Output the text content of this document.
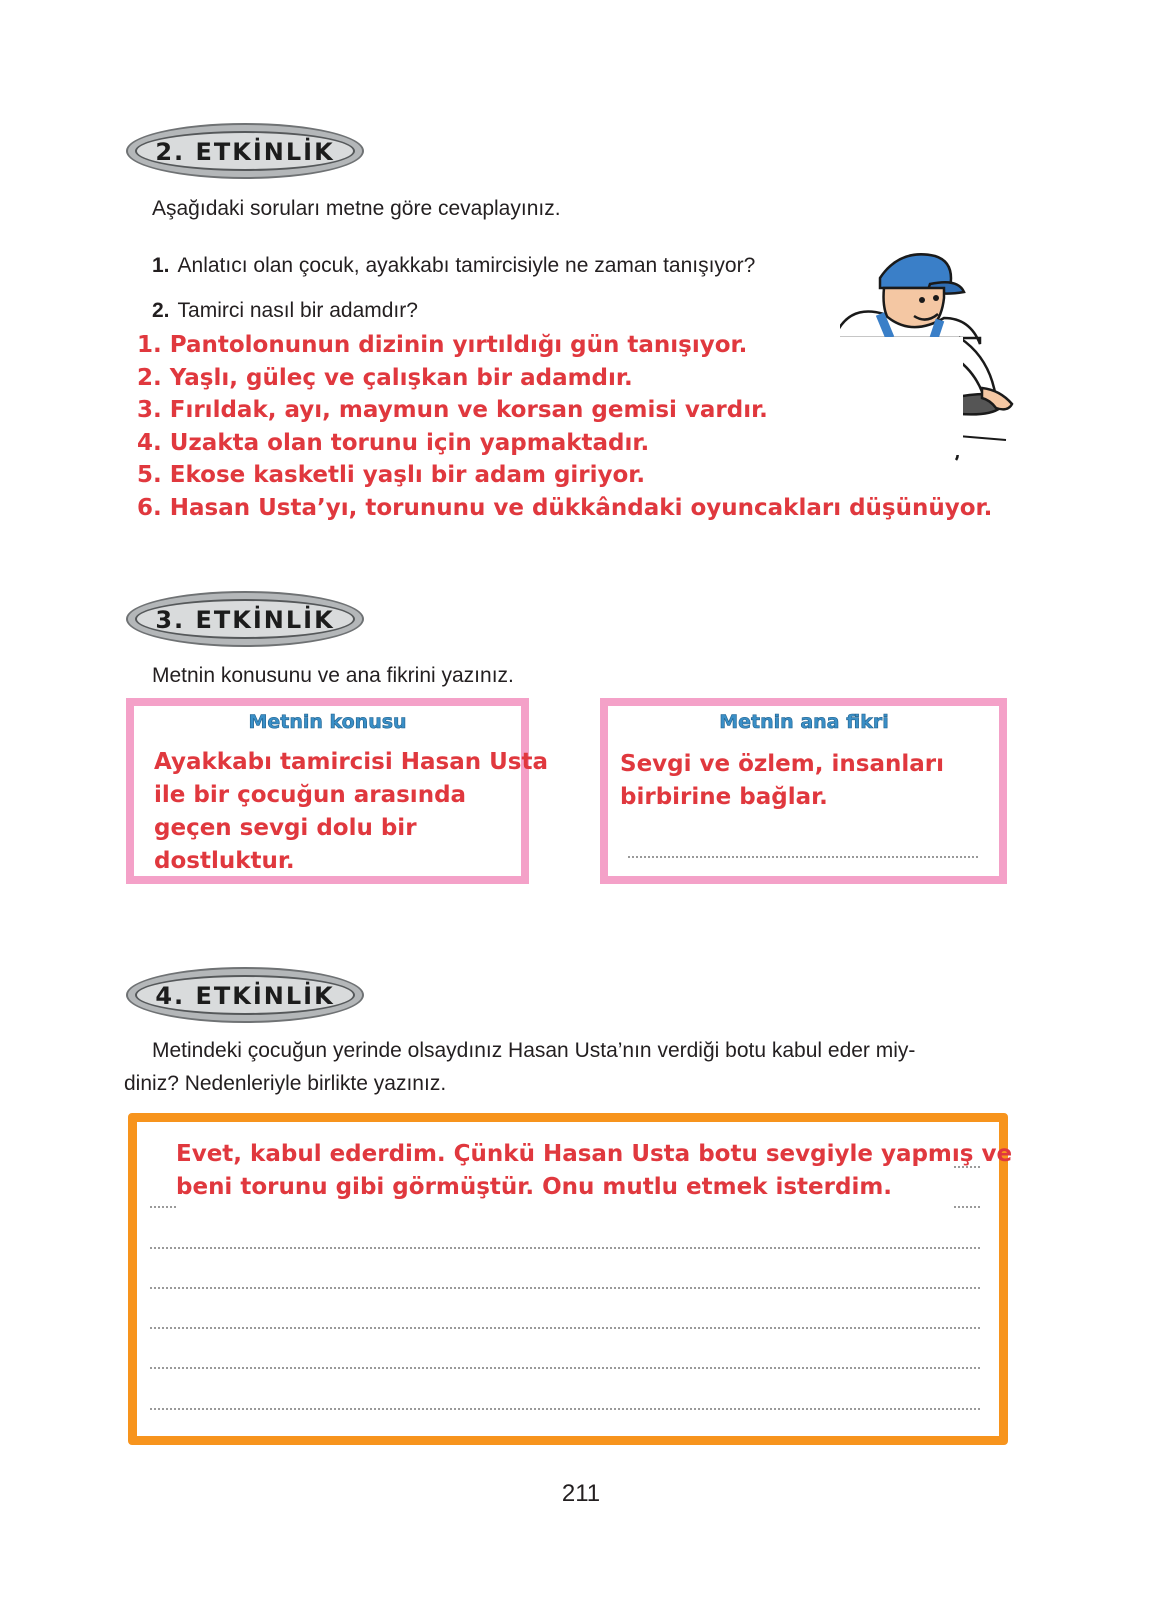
2. ETKİNLİK
Aşağıdaki soruları metne göre cevaplayınız.
1. Anlatıcı olan çocuk, ayakkabı tamircisiyle ne zaman tanışıyor?
2. Tamirci nasıl bir adamdır?
1. Pantolonunun dizinin yırtıldığı gün tanışıyor.
2. Yaşlı, güleç ve çalışkan bir adamdır.
3. Fırıldak, ayı, maymun ve korsan gemisi vardır.
4. Uzakta olan torunu için yapmaktadır.
5. Ekose kasketli yaşlı bir adam giriyor.
6. Hasan Usta’yı, torununu ve dükkândaki oyuncakları düşünüyor.
3. ETKİNLİK
Metnin konusunu ve ana fikrini yazınız.
Metnin konusu
Ayakkabı tamircisi Hasan Usta
ile bir çocuğun arasında
geçen sevgi dolu bir
dostluktur.
Metnin ana fikri
Sevgi ve özlem, insanları
birbirine bağlar.
4. ETKİNLİK
Metindeki çocuğun yerinde olsaydınız Hasan Usta’nın verdiği botu kabul eder miy-
diniz? Nedenleriyle birlikte yazınız.
Evet, kabul ederdim. Çünkü Hasan Usta botu sevgiyle yapmış ve
beni torunu gibi görmüştür. Onu mutlu etmek isterdim.
211
